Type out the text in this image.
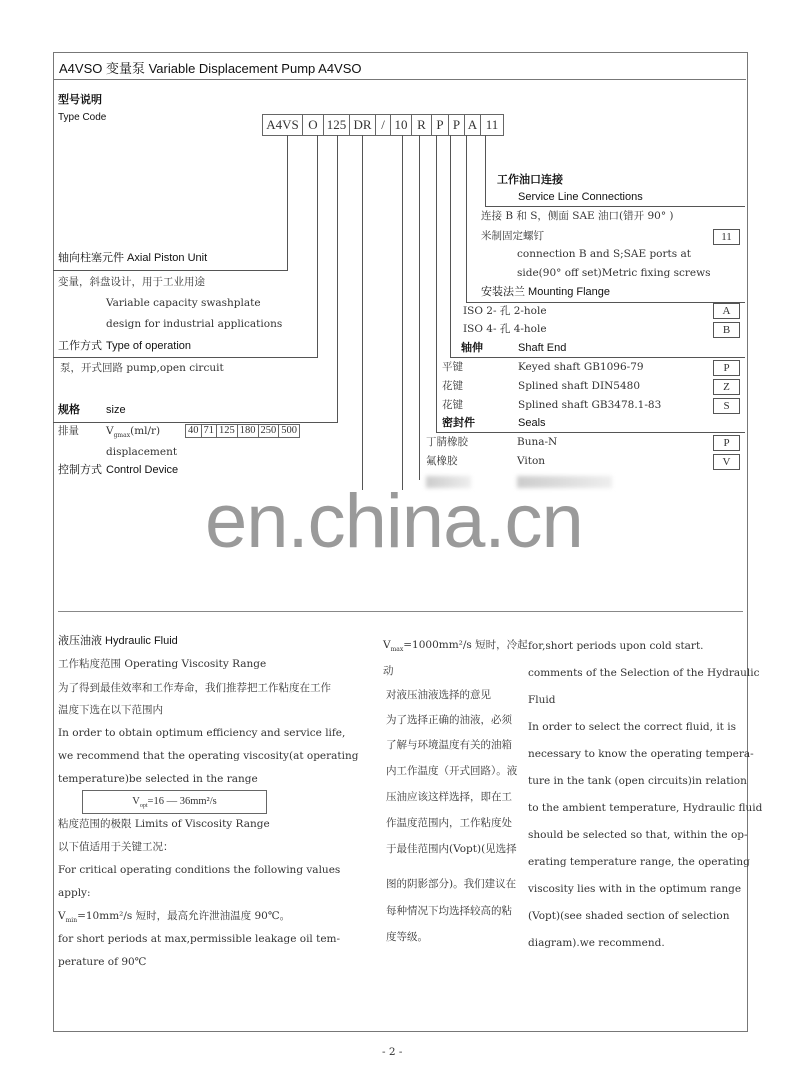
A4VSO 变量泵 Variable Displacement Pump A4VSO
型号说明
Type Code	A4VS O 125 DR / 10 R P P A 11
轴向柱塞元件 Axial Piston Unit
变量，斜盘设计，用于工业用途
Variable capacity swashplate
design for industrial applications
工作方式 Type of operation
泵，开式回路 pump,open circuit
规格 size
排量	$V_{gmax}(ml/r)$	40 71 125 180 250 500
displacement
控制方式 Control Device
工作油口连接
Service Line Connections
连接 B 和 S，侧面 SAE 油口(错开 90° )
米制固定螺钉	11
connection B and S;SAE ports at
side(90° off set)Metric fixing screws
安装法兰 Mounting Flange
ISO 2- 孔 2-hole	A
ISO 4- 孔 4-hole	B
轴伸	Shaft End
平键	Keyed shaft GB1096-79	P
花键	Splined shaft DIN5480	Z
花键	Splined shaft GB3478.1-83	S
密封件	Seals
丁腈橡胶	Buna-N	P
氟橡胶	Viton	V
en.china.cn
液压油液 Hydraulic Fluid
工作粘度范围 Operating Viscosity Range
为了得到最佳效率和工作寿命，我们推荐把工作粘度在工作
温度下选在以下范围内
In order to obtain optimum efficiency and service life,
we recommend that the operating viscosity(at operating
temperature)be selected in the range
$V_{opt}=16$ — 36mm²/s
粘度范围的极限 Limits of Viscosity Range
以下值适用于关键工况：
For critical operating conditions the following values
apply:
$V_{min}=10mm^2/s$ 短时，最高允许泄油温度 90℃。
for short periods at max,permissible leakage oil tem-
perature of 90℃
$V_{max}=1000mm^2/s$ 短时，冷起
动
对液压油液选择的意见
为了选择正确的油液，必须
了解与环境温度有关的油箱
内工作温度（开式回路）。液
压油应该这样选择，即在工
作温度范围内，工作粘度处
于最佳范围内(Vopt)(见选择
图的阴影部分)。我们建议在
每种情况下均选择较高的粘
度等级。
for,short periods upon cold start.
comments of the Selection of the Hydraulic
Fluid
In order to select the correct fluid, it is
necessary to know the operating tempera-
ture in the tank (open circuits)in relation
to the ambient temperature, Hydraulic fluid
should be selected so that, within the op-
erating temperature range, the operating
viscosity lies with in the optimum range
(Vopt)(see shaded section of selection
diagram).we recommend.
- 2 -
